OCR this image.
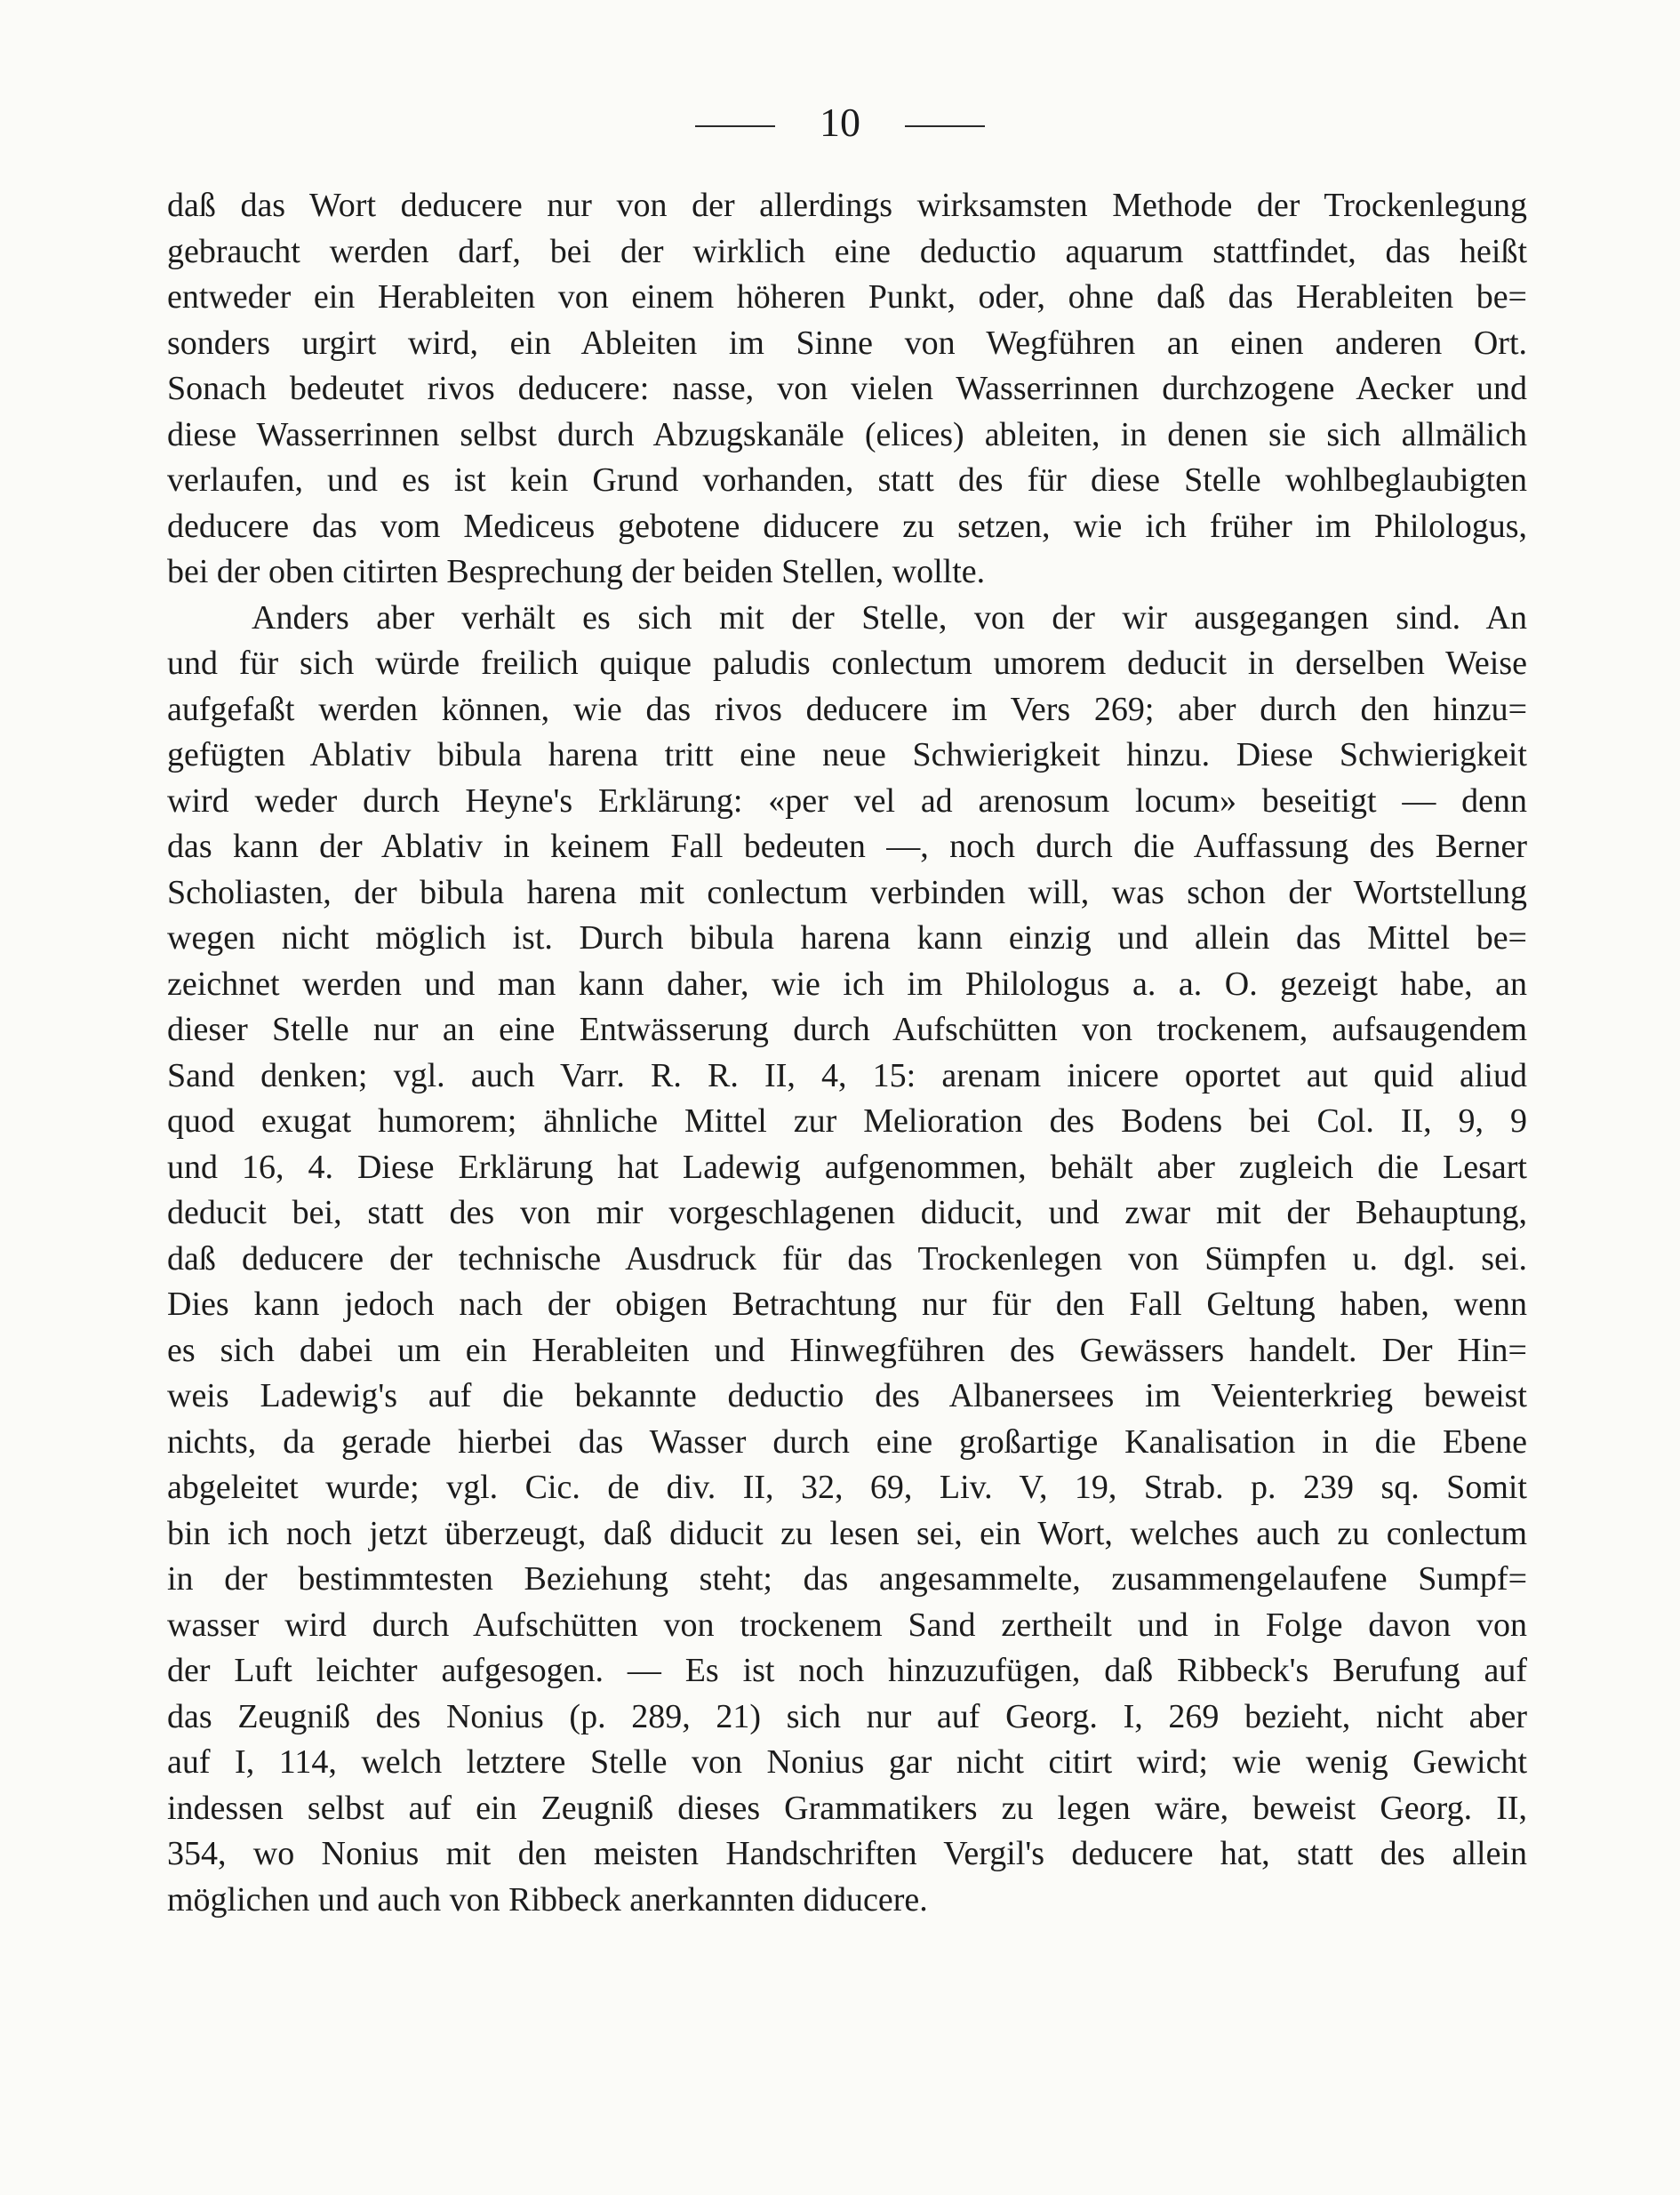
10
daß das Wort deducere nur von der allerdings wirksamsten Methode der Trockenlegung
gebraucht werden darf, bei der wirklich eine deductio aquarum stattfindet, das heißt
entweder ein Herableiten von einem höheren Punkt, oder, ohne daß das Herableiten be=
sonders urgirt wird, ein Ableiten im Sinne von Wegführen an einen anderen Ort.
Sonach bedeutet rivos deducere: nasse, von vielen Wasserrinnen durchzogene Aecker und
diese Wasserrinnen selbst durch Abzugskanäle (elices) ableiten, in denen sie sich allmälich
verlaufen, und es ist kein Grund vorhanden, statt des für diese Stelle wohlbeglaubigten
deducere das vom Mediceus gebotene diducere zu setzen, wie ich früher im Philologus,
bei der oben citirten Besprechung der beiden Stellen, wollte.
Anders aber verhält es sich mit der Stelle, von der wir ausgegangen sind. An
und für sich würde freilich quique paludis conlectum umorem deducit in derselben Weise
aufgefaßt werden können, wie das rivos deducere im Vers 269; aber durch den hinzu=
gefügten Ablativ bibula harena tritt eine neue Schwierigkeit hinzu. Diese Schwierigkeit
wird weder durch Heyne's Erklärung: «per vel ad arenosum locum» beseitigt — denn
das kann der Ablativ in keinem Fall bedeuten —, noch durch die Auffassung des Berner
Scholiasten, der bibula harena mit conlectum verbinden will, was schon der Wortstellung
wegen nicht möglich ist. Durch bibula harena kann einzig und allein das Mittel be=
zeichnet werden und man kann daher, wie ich im Philologus a. a. O. gezeigt habe, an
dieser Stelle nur an eine Entwässerung durch Aufschütten von trockenem, aufsaugendem
Sand denken; vgl. auch Varr. R. R. II, 4, 15: arenam inicere oportet aut quid aliud
quod exugat humorem; ähnliche Mittel zur Melioration des Bodens bei Col. II, 9, 9
und 16, 4. Diese Erklärung hat Ladewig aufgenommen, behält aber zugleich die Lesart
deducit bei, statt des von mir vorgeschlagenen diducit, und zwar mit der Behauptung,
daß deducere der technische Ausdruck für das Trockenlegen von Sümpfen u. dgl. sei.
Dies kann jedoch nach der obigen Betrachtung nur für den Fall Geltung haben, wenn
es sich dabei um ein Herableiten und Hinwegführen des Gewässers handelt. Der Hin=
weis Ladewig's auf die bekannte deductio des Albanersees im Veienterkrieg beweist
nichts, da gerade hierbei das Wasser durch eine großartige Kanalisation in die Ebene
abgeleitet wurde; vgl. Cic. de div. II, 32, 69, Liv. V, 19, Strab. p. 239 sq. Somit
bin ich noch jetzt überzeugt, daß diducit zu lesen sei, ein Wort, welches auch zu conlectum
in der bestimmtesten Beziehung steht; das angesammelte, zusammengelaufene Sumpf=
wasser wird durch Aufschütten von trockenem Sand zertheilt und in Folge davon von
der Luft leichter aufgesogen. — Es ist noch hinzuzufügen, daß Ribbeck's Berufung auf
das Zeugniß des Nonius (p. 289, 21) sich nur auf Georg. I, 269 bezieht, nicht aber
auf I, 114, welch letztere Stelle von Nonius gar nicht citirt wird; wie wenig Gewicht
indessen selbst auf ein Zeugniß dieses Grammatikers zu legen wäre, beweist Georg. II,
354, wo Nonius mit den meisten Handschriften Vergil's deducere hat, statt des allein
möglichen und auch von Ribbeck anerkannten diducere.
